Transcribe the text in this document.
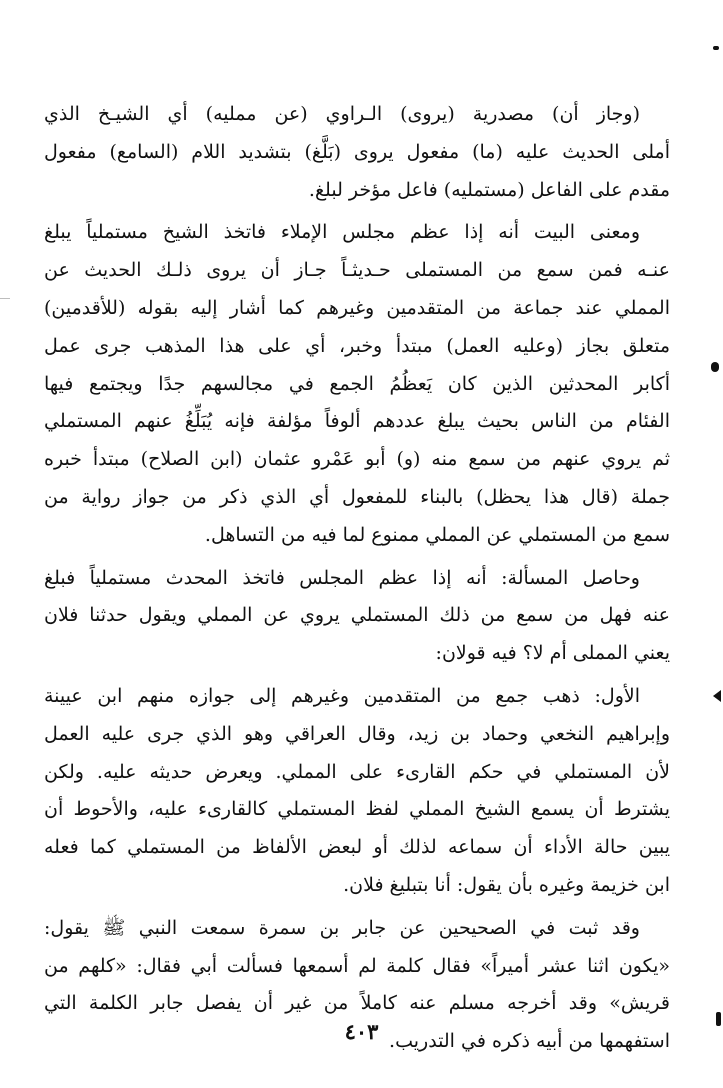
(وجاز أن) مصدرية (يروى) الـراوي (عن مملیه) أي الشيـخ الذي
أملى الحديث عليه (ما) مفعول يروى (بَلَّغ) بتشديد اللام (السامع) مفعول
مقدم على الفاعل (مستمليه) فاعل مؤخر لبلغ.
ومعنى البيت أنه إذا عظم مجلس الإملاء فاتخذ الشيخ مستملياً يبلغ
عنـه فمن سمع من المستملى حـديثـاً جـاز أن يروى ذلـك الحديث عن
المملي عند جماعة من المتقدمين وغيرهم كما أشار إليه بقوله (للأقدمين)
متعلق بجاز (وعليه العمل) مبتدأ وخبر، أي على هذا المذهب جرى عمل
أكابر المحدثين الذين كان يَعظُمُ الجمع في مجالسهم جدًا ويجتمع فيها
الفئام من الناس بحيث يبلغ عددهم ألوفاً مؤلفة فإنه يُبَلِّغُ عنهم المستملي
ثم يروي عنهم من سمع منه (و) أبو عَمْرو عثمان (ابن الصلاح) مبتدأ خبره
جملة (قال هذا يحظل) بالبناء للمفعول أي الذي ذكر من جواز رواية من
سمع من المستملي عن المملي ممنوع لما فيه من التساهل.
وحاصل المسألة: أنه إذا عظم المجلس فاتخذ المحدث مستملياً فبلغ
عنه فهل من سمع من ذلك المستملي يروي عن المملي ويقول حدثنا فلان
يعني المملى أم لا؟ فيه قولان:
الأول: ذهب جمع من المتقدمين وغيرهم إلى جوازه منهم ابن عيينة
وإبراهيم النخعي وحماد بن زيد، وقال العراقي وهو الذي جرى عليه العمل
لأن المستملي في حكم القارىء على المملي. ويعرض حديثه عليه. ولكن
يشترط أن يسمع الشيخ المملي لفظ المستملي كالقارىء عليه، والأحوط أن
يبين حالة الأداء أن سماعه لذلك أو لبعض الألفاظ من المستملي كما فعله
ابن خزيمة وغيره بأن يقول: أنا بتبليغ فلان.
وقد ثبت في الصحيحين عن جابر بن سمرة سمعت النبي ﷺ يقول:
«يكون اثنا عشر أميراً» فقال كلمة لم أسمعها فسألت أبي فقال: «كلهم من
قريش» وقد أخرجه مسلم عنه كاملاً من غير أن يفصل جابر الكلمة التي
استفهمها من أبيه ذكره في التدريب.
٤٠٣
